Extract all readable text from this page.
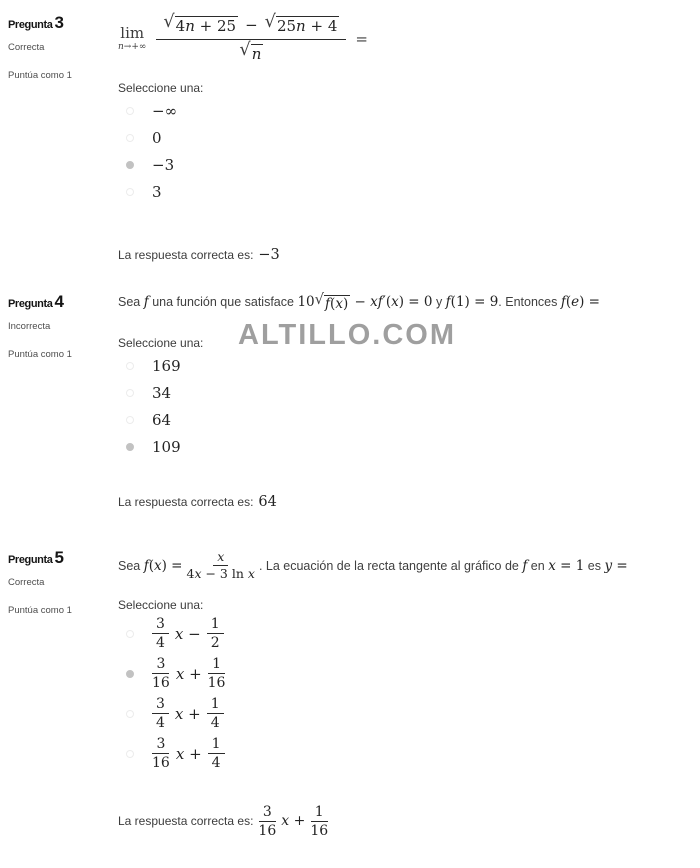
Pregunta 3
Correcta
Puntúa como 1
lim
$n\to+\infty \frac{√ 4n + 25 - √ 25n + 4}{√ n}$ =
Seleccione una:
−∞
0
−3
3
La respuesta correcta es: −3
Pregunta 4
Incorrecta
Puntúa como 1
Sea f una función que satisface 10 √ f(x) − xf′(x) = 0 y f(1) = 9. Entonces f(e) =
ALTILLO.COM
Seleccione una:
169
34
64
109
La respuesta correcta es: 64
Pregunta 5
Correcta
Puntúa como 1
Sea $f(x) = \frac{x}{\text{4x − 3 ln x}}$ . La ecuación de la recta tangente al gráfico de f en x = 1 es y =
Seleccione una:
$\frac{3}{4}$ $x - \frac{1}{2}$
$\frac{3}{16}$ $x + \frac{1}{16}$
$\frac{3}{4}$ $x + \frac{1}{4}$
$\frac{3}{16}$ $x + \frac{1}{4}$
La respuesta correcta es: $\frac{3}{16}$ $x + \frac{1}{16}$
